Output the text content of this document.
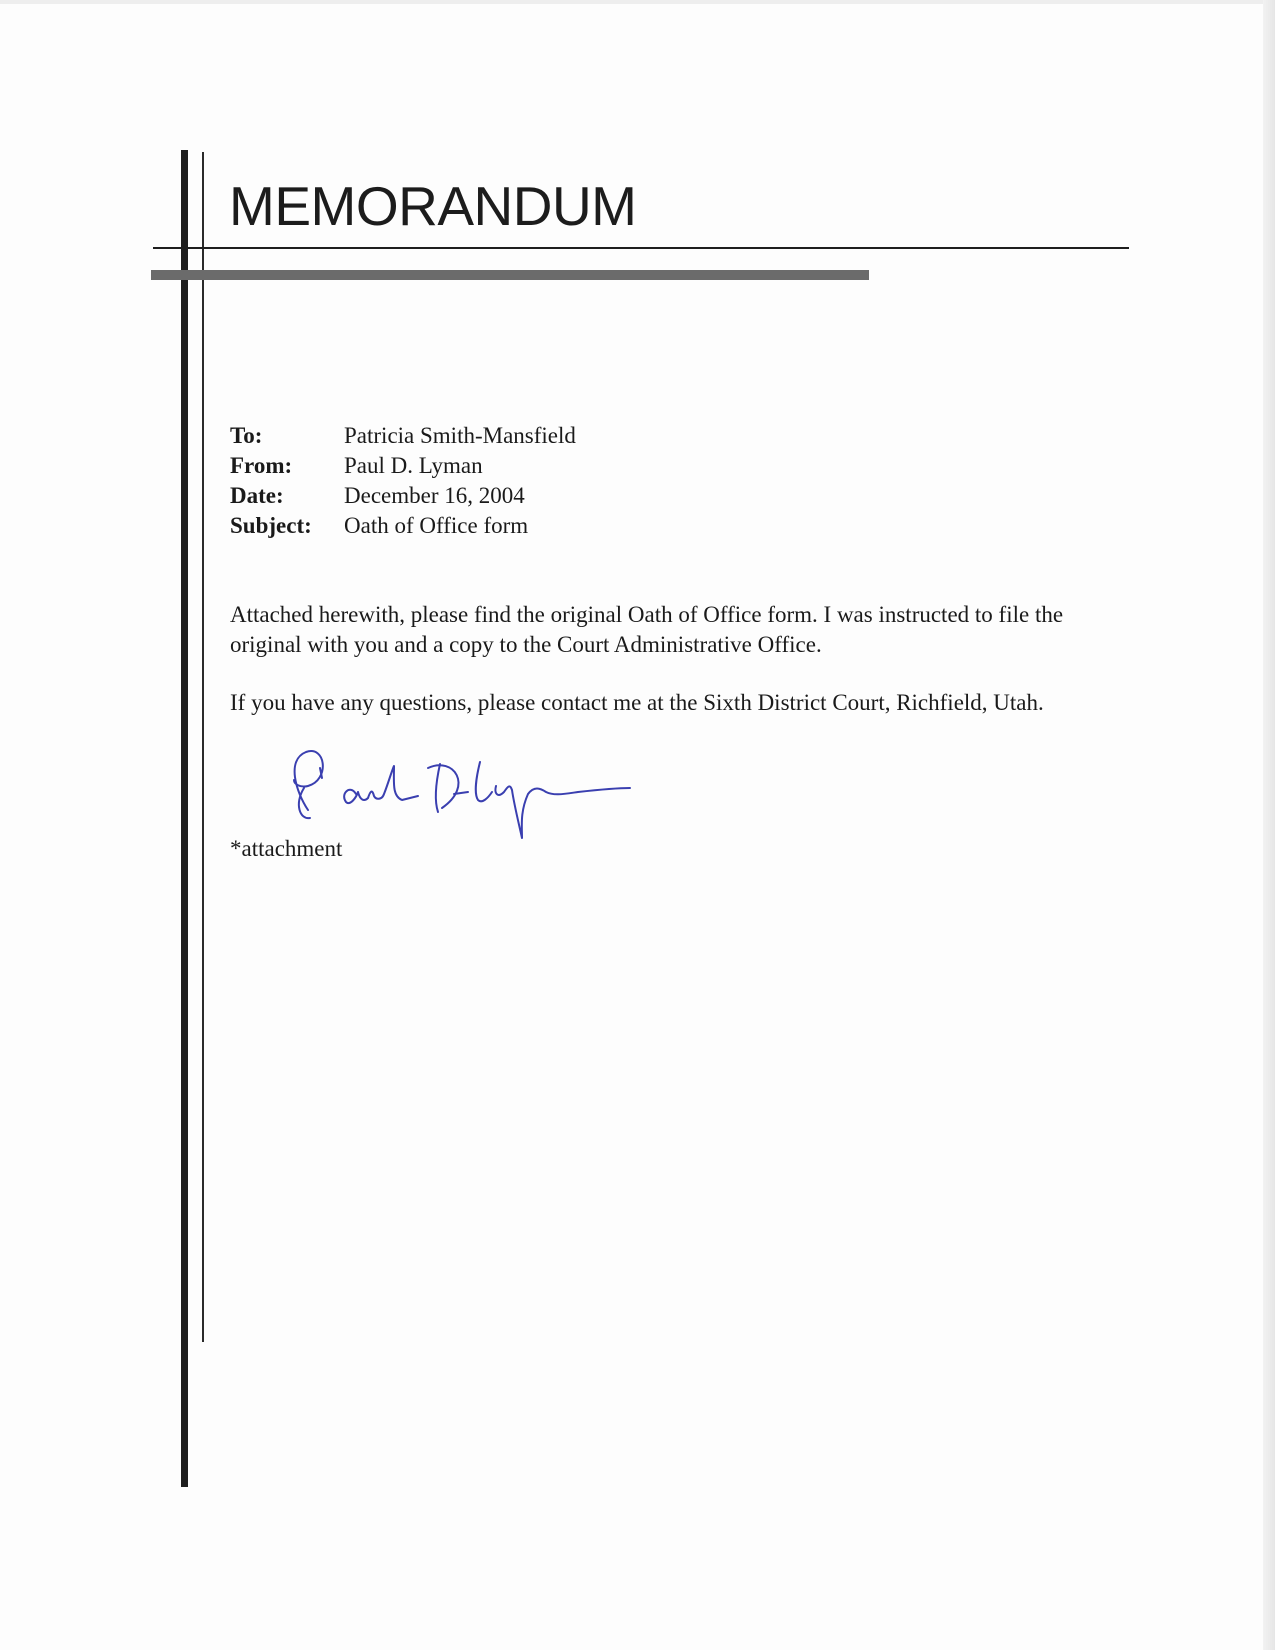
MEMORANDUM
To:	Patricia Smith-Mansfield
From: Paul D. Lyman
Date:	December 16, 2004
Subject: Oath of Office form

Attached herewith, please find the original Oath of Office form. I was instructed to file the original with you and a copy to the Court Administrative Office.

If you have any questions, please contact me at the Sixth District Court, Richfield, Utah.

*attachment
